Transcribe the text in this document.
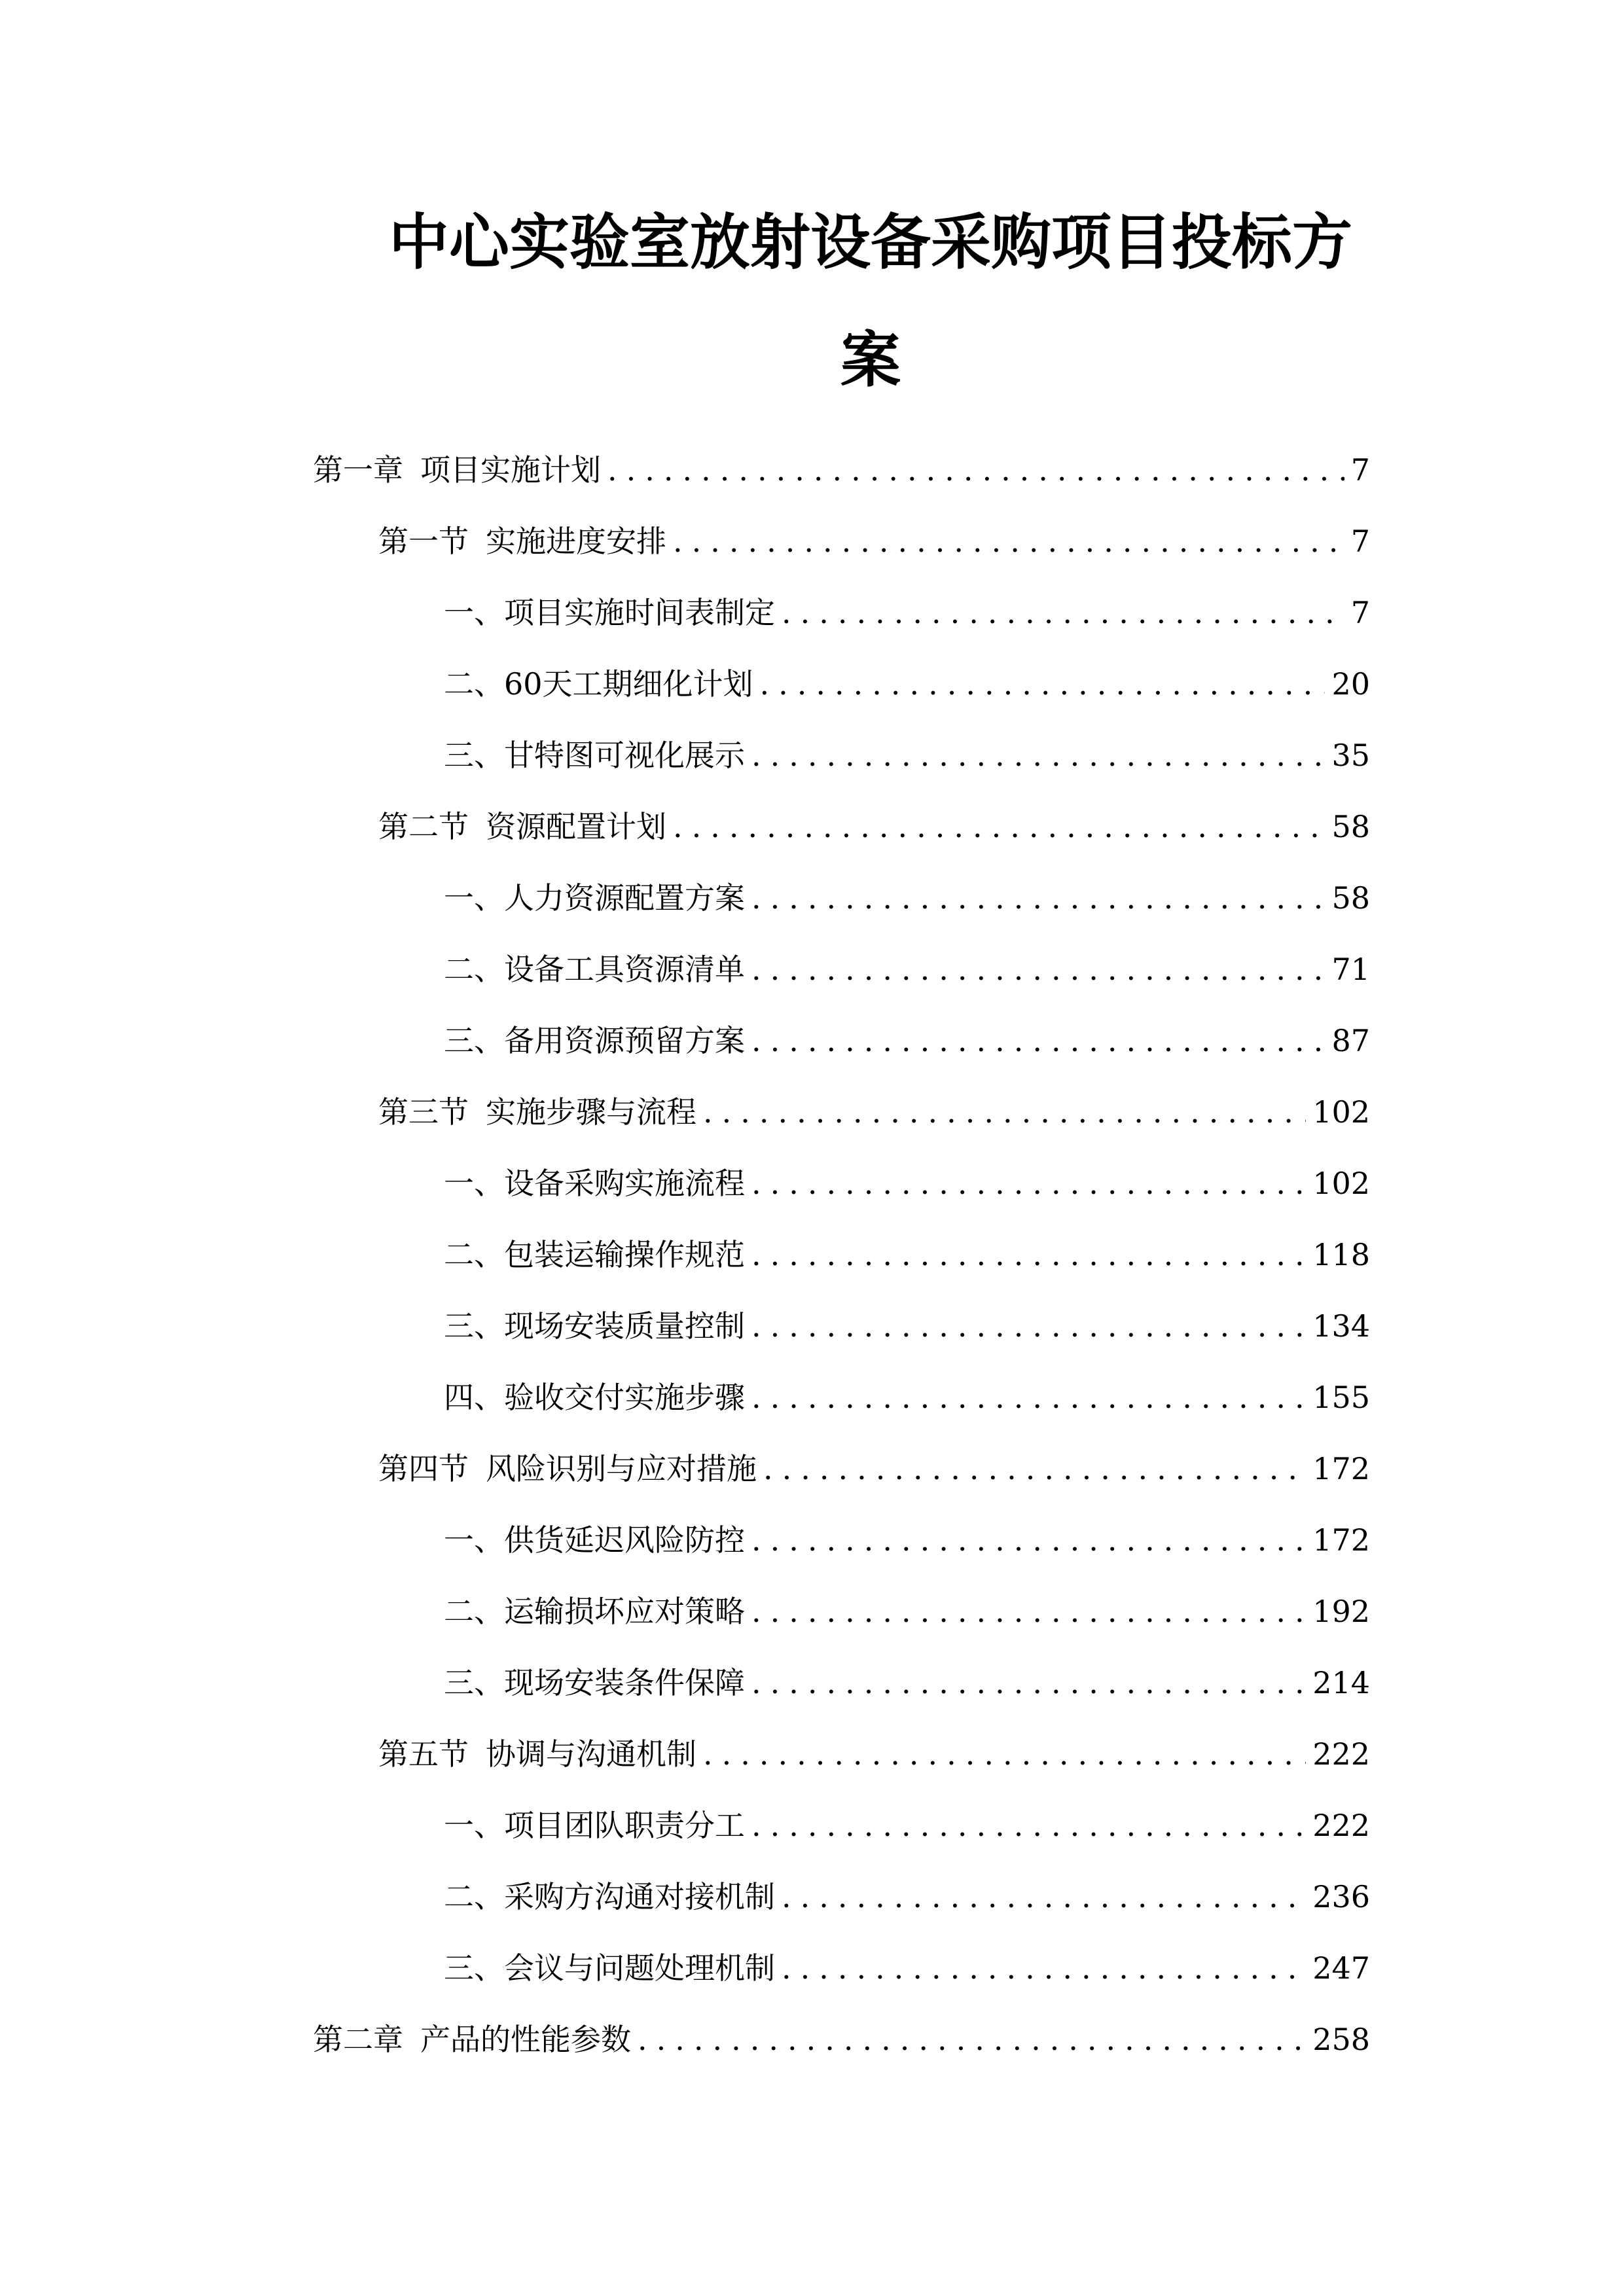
中心实验室放射设备采购项目投标方
案
第一章 项目实施计划 .....	7
第一节 实施进度安排 .....	7
一、 项目实施时间表制定 .....	7
二、 60天工期细化计划 .....	20
三、 甘特图可视化展示 .....	35
第二节 资源配置计划 .....	58
一、 人力资源配置方案 .....	58
二、 设备工具资源清单 .....	71
三、 备用资源预留方案 .....	87
第三节 实施步骤与流程 .....	102
一、 设备采购实施流程 .....	102
二、 包装运输操作规范 .....	118
三、 现场安装质量控制 .....	134
四、 验收交付实施步骤 .....	155
第四节 风险识别与应对措施 .....	172
一、 供货延迟风险防控 .....	172
二、 运输损坏应对策略 .....	192
三、 现场安装条件保障 .....	214
第五节 协调与沟通机制 .....	222
一、 项目团队职责分工 .....	222
二、 采购方沟通对接机制 .....	236
三、 会议与问题处理机制 .....	247
第二章 产品的性能参数 .....	258
